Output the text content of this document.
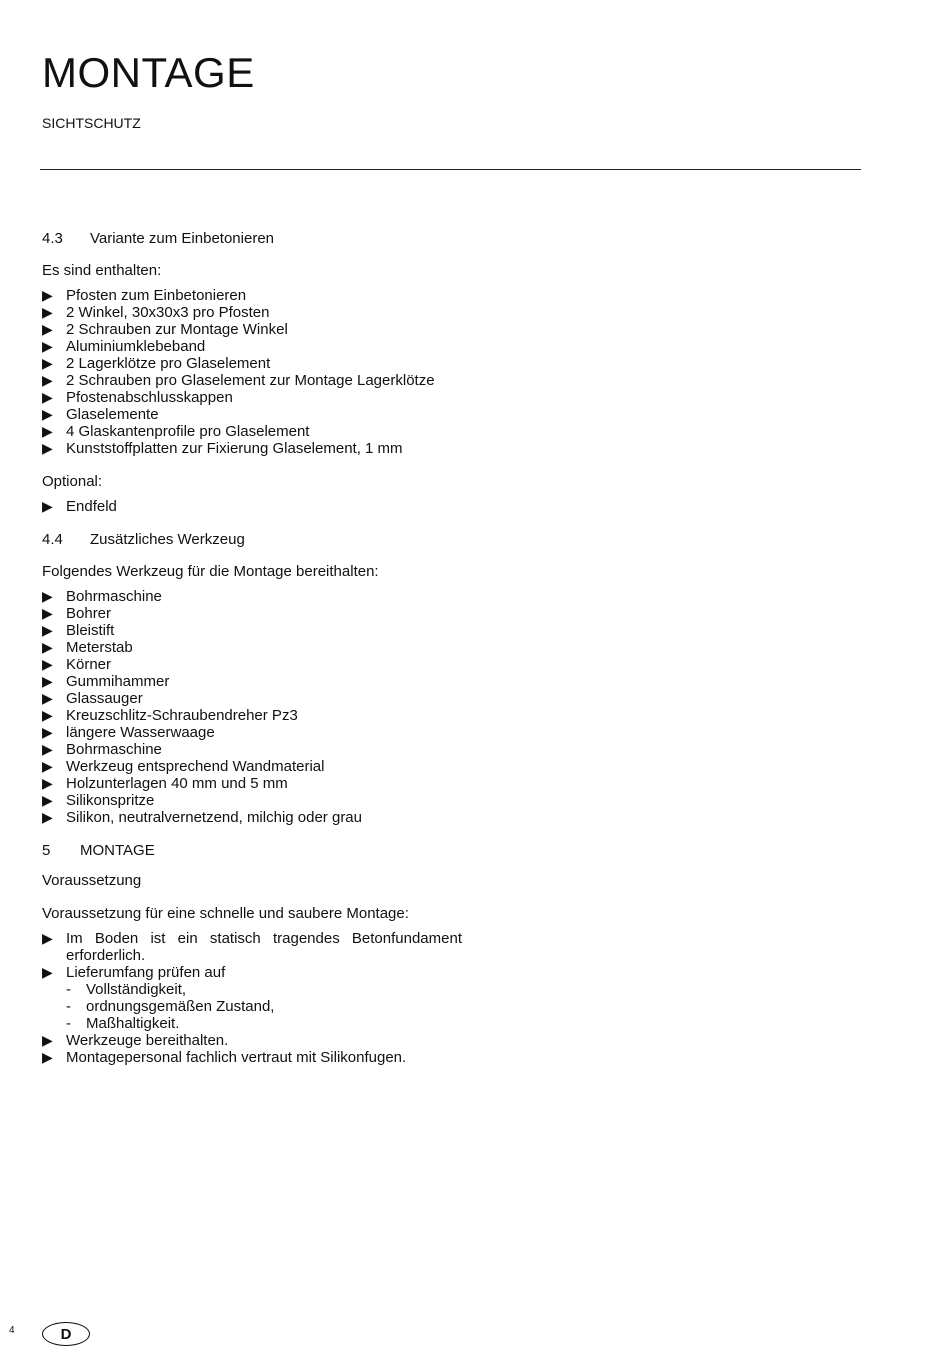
MONTAGE
SICHTSCHUTZ
4.3	Variante zum Einbetonieren

Es sind enthalten:

▶ Pfosten zum Einbetonieren
▶ 2 Winkel, 30x30x3 pro Pfosten
▶ 2 Schrauben zur Montage Winkel
▶ Aluminiumklebeband
▶ 2 Lagerklötze pro Glaselement
▶ 2 Schrauben pro Glaselement zur Montage Lagerklötze
▶ Pfostenabschlusskappen
▶ Glaselemente
▶ 4 Glaskantenprofile pro Glaselement
▶ Kunststoffplatten zur Fixierung Glaselement, 1 mm

Optional:

▶ Endfeld
4.4	Zusätzliches Werkzeug

Folgendes Werkzeug für die Montage bereithalten:

▶ Bohrmaschine
▶ Bohrer
▶ Bleistift
▶ Meterstab
▶ Körner
▶ Gummihammer
▶ Glassauger
▶ Kreuzschlitz-Schraubendreher Pz3
▶ längere Wasserwaage
▶ Bohrmaschine
▶ Werkzeug entsprechend Wandmaterial
▶ Holzunterlagen 40 mm und 5 mm
▶ Silikonspritze
▶ Silikon, neutralvernetzend, milchig oder grau
5	MONTAGE

Voraussetzung

Voraussetzung für eine schnelle und saubere Montage:

▶ Im Boden ist ein statisch tragendes Betonfundament erforderlich.
▶ Lieferumfang prüfen auf
-	Vollständigkeit,
-	ordnungsgemäßen Zustand,
-	Maßhaltigkeit.
▶ Werkzeuge bereithalten.
▶ Montagepersonal fachlich vertraut mit Silikonfugen.
4	D
